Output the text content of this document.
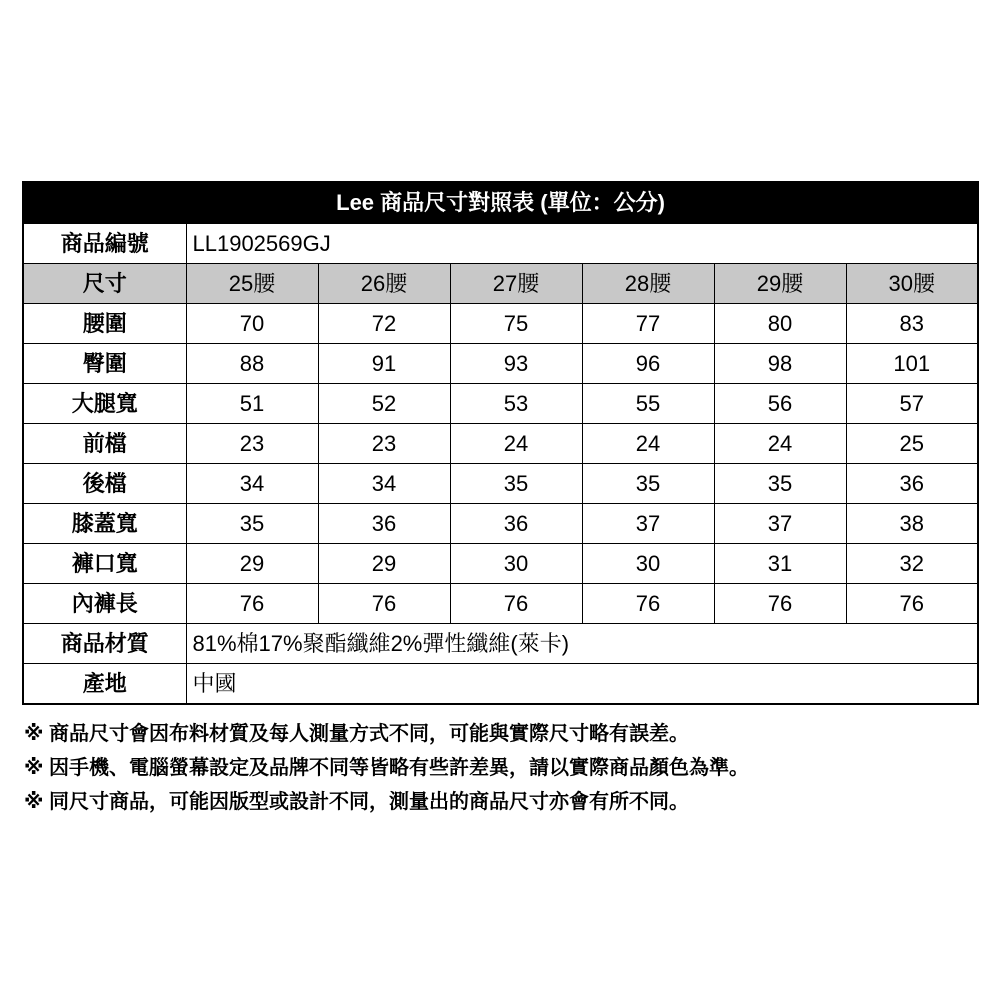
Lee 商品尺寸對照表 (單位：公分)						
商品編號	LL1902569GJ					
尺寸	25腰	26腰	27腰	28腰	29腰	30腰
腰圍	70	72	75	77	80	83
臀圍	88	91	93	96	98	101
大腿寬	51	52	53	55	56	57
前檔	23	23	24	24	24	25
後檔	34	34	35	35	35	36
膝蓋寬	35	36	36	37	37	38
褲口寬	29	29	30	30	31	32
內褲長	76	76	76	76	76	76
商品材質	81%棉17%聚酯纖維2%彈性纖維(萊卡)					
產地	中國					
※ 商品尺寸會因布料材質及每人測量方式不同，可能與實際尺寸略有誤差。
※ 因手機、電腦螢幕設定及品牌不同等皆略有些許差異，請以實際商品顏色為準。
※ 同尺寸商品，可能因版型或設計不同，測量出的商品尺寸亦會有所不同。
